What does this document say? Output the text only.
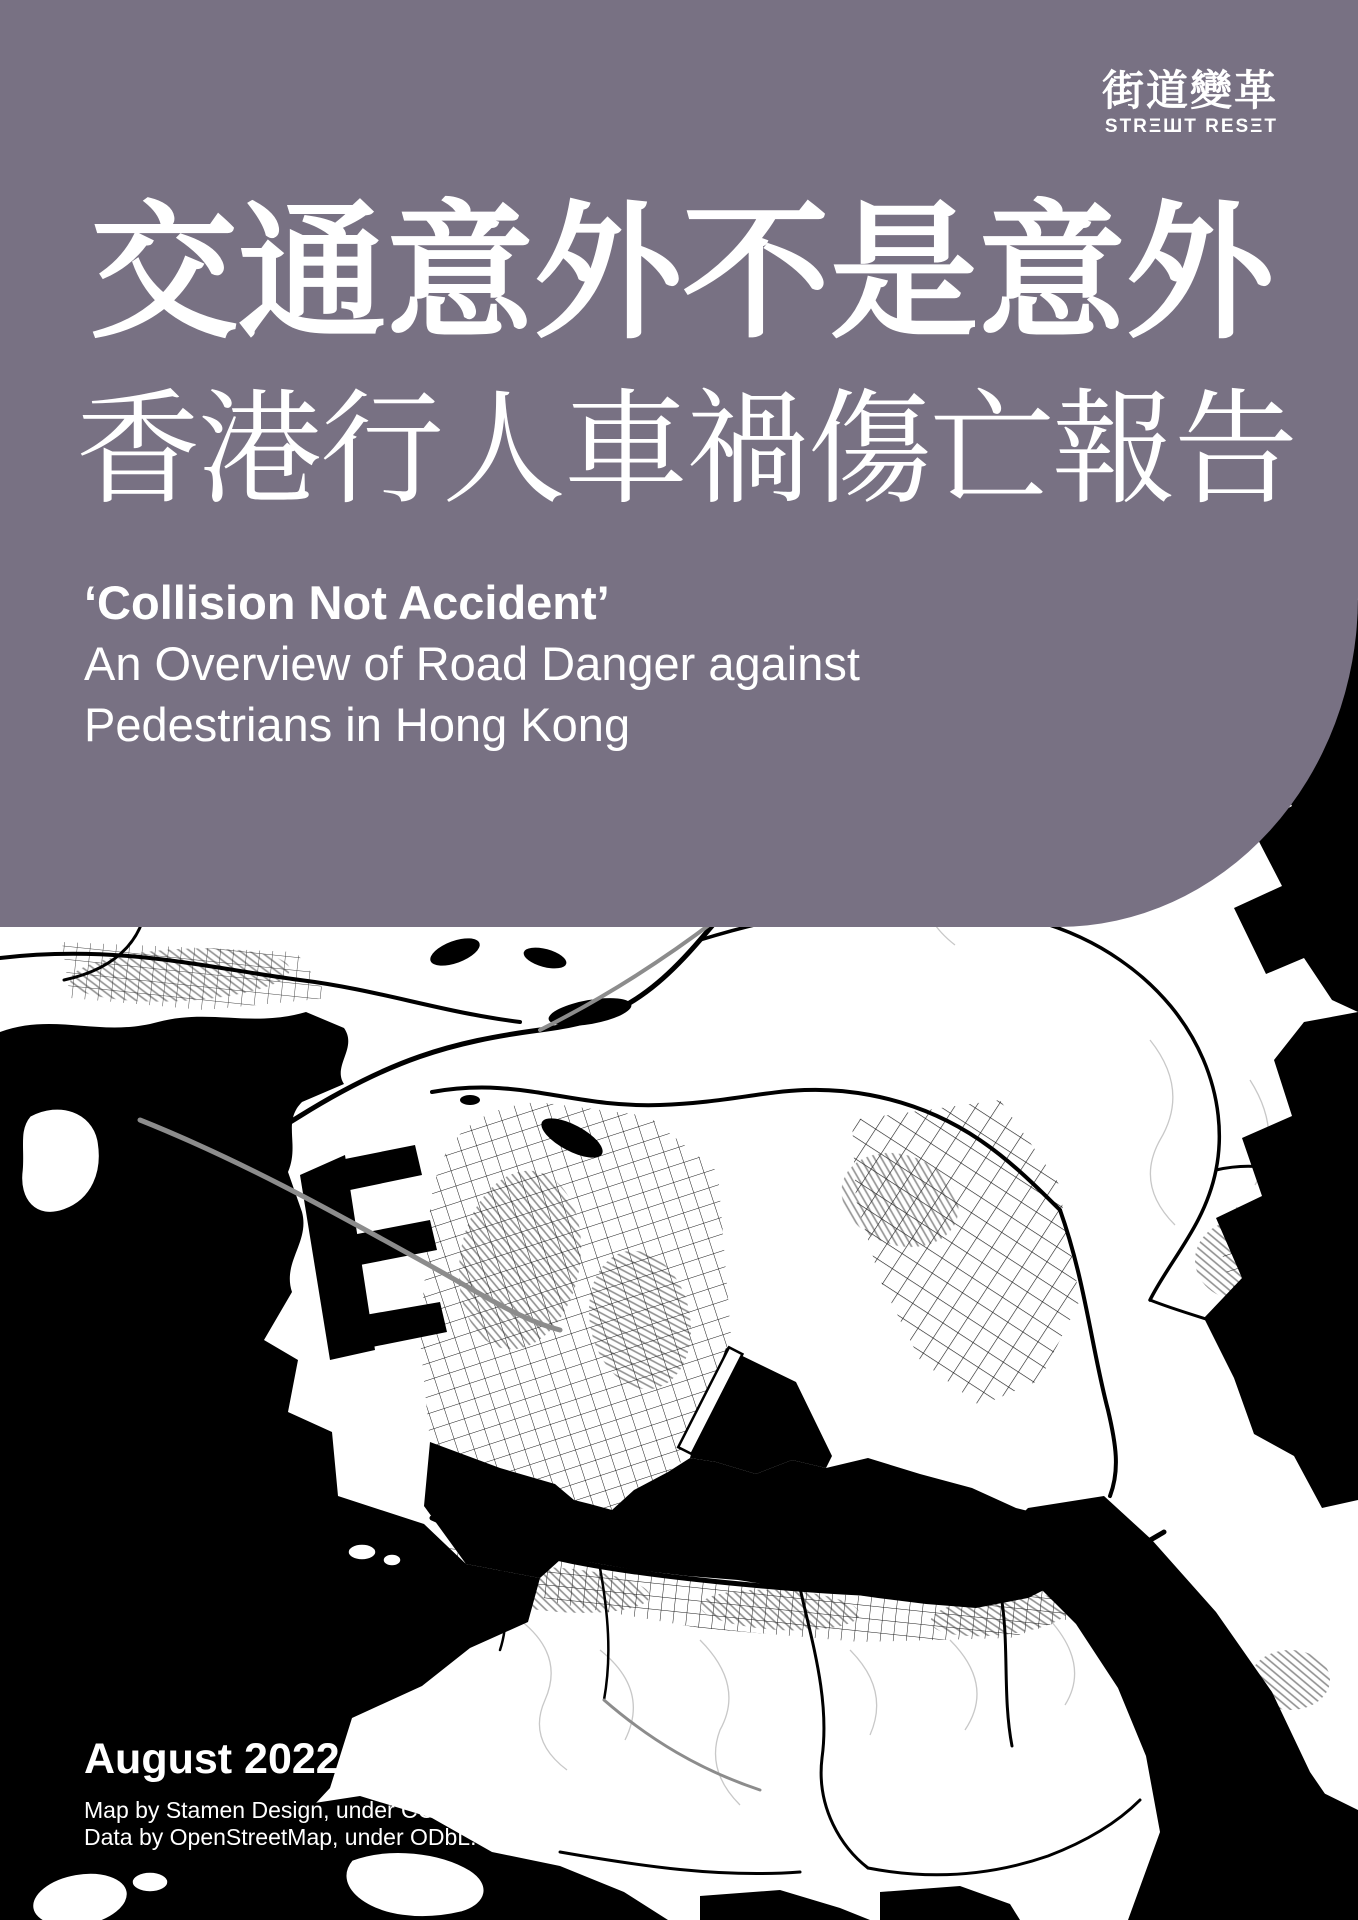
街道變革
STRΞШT RESΞT
交通意外不是意外
香港行人車禍傷亡報告
‘Collision Not Accident’
An Overview of Road Danger against
Pedestrians in Hong Kong
August 2022
Map by Stamen Design, under CC BY 3.0.
Data by OpenStreetMap, under ODbL.
